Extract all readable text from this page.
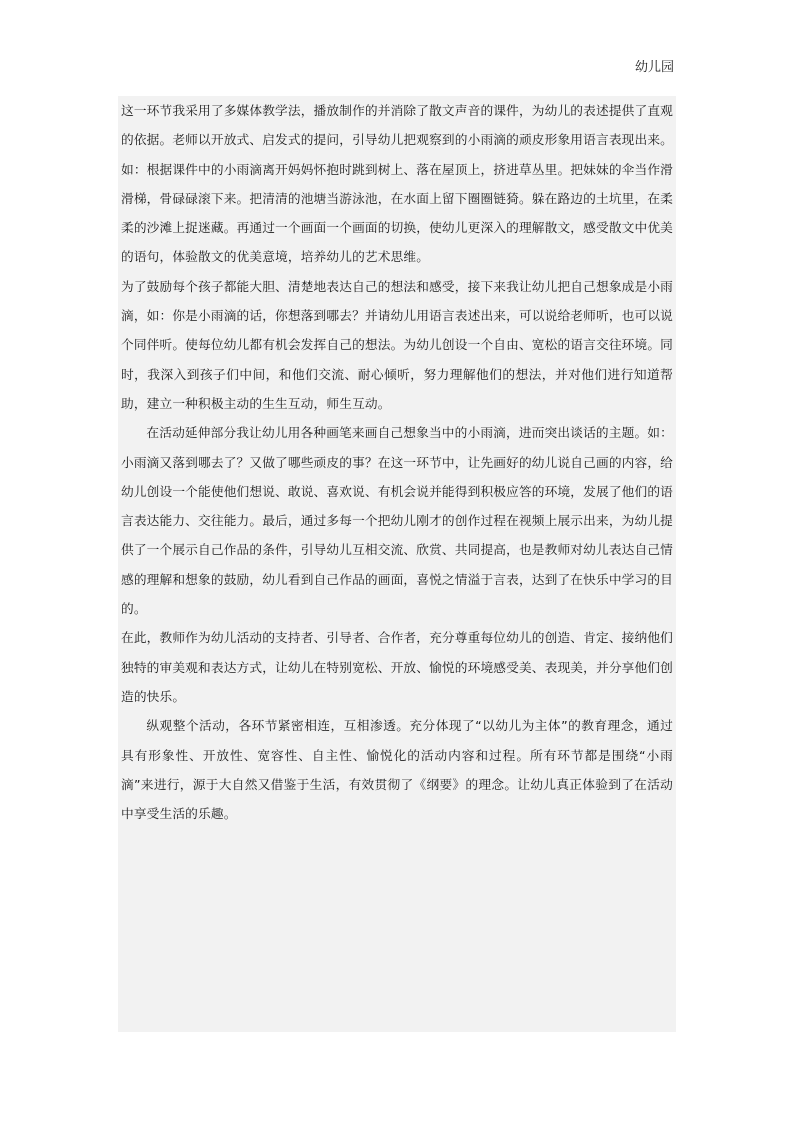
幼儿园

这一环节我采用了多媒体教学法，播放制作的并消除了散文声音的课件，为幼儿的表述提供了直观的依据。老师以开放式、启发式的提问，引导幼儿把观察到的小雨滴的顽皮形象用语言表现出来。如：根据课件中的小雨滴离开妈妈怀抱时跳到树上、落在屋顶上，挤进草丛里。把妹妹的伞当作滑滑梯，骨碌碌滚下来。把清清的池塘当游泳池，在水面上留下圈圈链猗。躲在路边的土坑里，在柔柔的沙滩上捉迷藏。再通过一个画面一个画面的切换，使幼儿更深入的理解散文，感受散文中优美的语句，体验散文的优美意境，培养幼儿的艺术思维。

为了鼓励每个孩子都能大胆、清楚地表达自己的想法和感受，接下来我让幼儿把自己想象成是小雨滴，如：你是小雨滴的话，你想落到哪去？并请幼儿用语言表述出来，可以说给老师听，也可以说个同伴听。使每位幼儿都有机会发挥自己的想法。为幼儿创设一个自由、宽松的语言交往环境。同时，我深入到孩子们中间，和他们交流、耐心倾听，努力理解他们的想法，并对他们进行知道帮助，建立一种积极主动的生生互动，师生互动。

在活动延伸部分我让幼儿用各种画笔来画自己想象当中的小雨滴，进而突出谈话的主题。如：小雨滴又落到哪去了？又做了哪些顽皮的事？在这一环节中，让先画好的幼儿说自己画的内容，给幼儿创设一个能使他们想说、敢说、喜欢说、有机会说并能得到积极应答的环境，发展了他们的语言表达能力、交往能力。最后，通过多每一个把幼儿刚才的创作过程在视频上展示出来，为幼儿提供了一个展示自己作品的条件，引导幼儿互相交流、欣赏、共同提高，也是教师对幼儿表达自己情感的理解和想象的鼓励，幼儿看到自己作品的画面，喜悦之情溢于言表，达到了在快乐中学习的目的。

在此，教师作为幼儿活动的支持者、引导者、合作者，充分尊重每位幼儿的创造、肯定、接纳他们独特的审美观和表达方式，让幼儿在特别宽松、开放、愉悦的环境感受美、表现美，并分享他们创造的快乐。

纵观整个活动，各环节紧密相连，互相渗透。充分体现了“以幼儿为主体”的教育理念，通过具有形象性、开放性、宽容性、自主性、愉悦化的活动内容和过程。所有环节都是围绕“小雨滴”来进行，源于大自然又借鉴于生活，有效贯彻了《纲要》的理念。让幼儿真正体验到了在活动中享受生活的乐趣。
